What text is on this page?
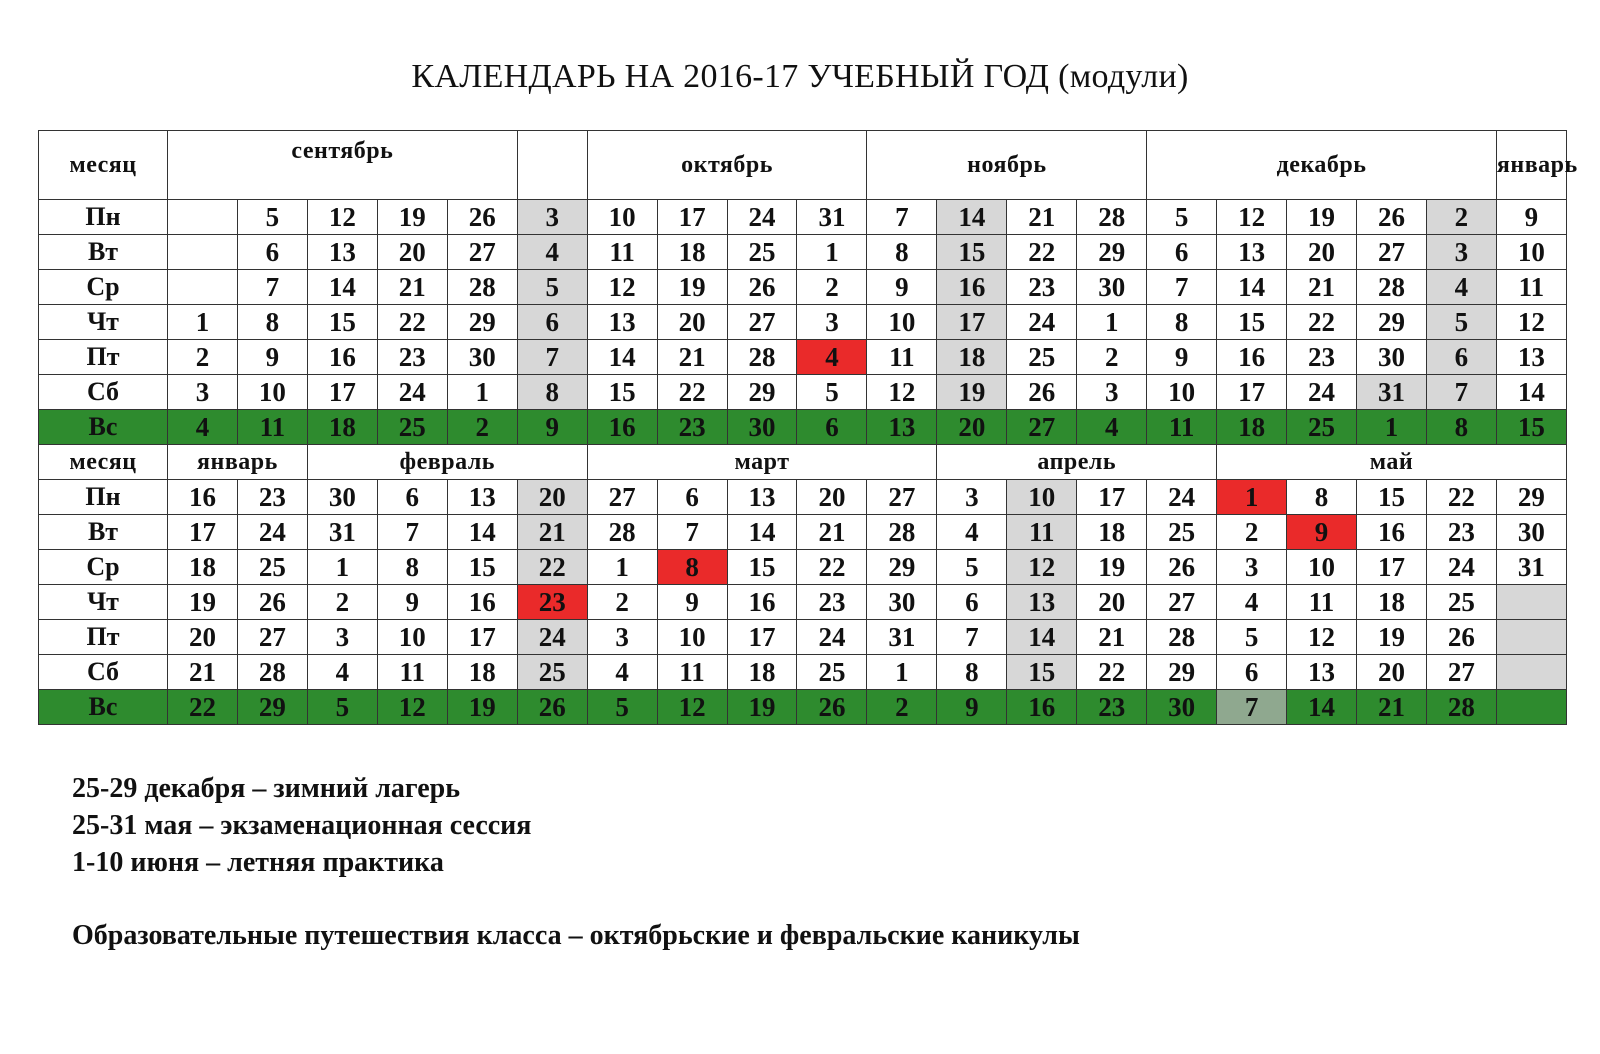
КАЛЕНДАРЬ НА 2016-17 УЧЕБНЫЙ ГОД (модули)
месяц	сентябрь						октябрь				ноябрь				декабрь					январь
Пн		5	12	19	26	3	10	17	24	31	7	14	21	28	5	12	19	26	2	9
Вт		6	13	20	27	4	11	18	25	1	8	15	22	29	6	13	20	27	3	10
Ср		7	14	21	28	5	12	19	26	2	9	16	23	30	7	14	21	28	4	11
Чт	1	8	15	22	29	6	13	20	27	3	10	17	24	1	8	15	22	29	5	12
Пт	2	9	16	23	30	7	14	21	28	4	11	18	25	2	9	16	23	30	6	13
Сб	3	10	17	24	1	8	15	22	29	5	12	19	26	3	10	17	24	31	7	14
Вс	4	11	18	25	2	9	16	23	30	6	13	20	27	4	11	18	25	1	8	15
месяц	январь		февраль				март					апрель				май				
Пн	16	23	30	6	13	20	27	6	13	20	27	3	10	17	24	1	8	15	22	29
Вт	17	24	31	7	14	21	28	7	14	21	28	4	11	18	25	2	9	16	23	30
Ср	18	25	1	8	15	22	1	8	15	22	29	5	12	19	26	3	10	17	24	31
Чт	19	26	2	9	16	23	2	9	16	23	30	6	13	20	27	4	11	18	25	
Пт	20	27	3	10	17	24	3	10	17	24	31	7	14	21	28	5	12	19	26	
Сб	21	28	4	11	18	25	4	11	18	25	1	8	15	22	29	6	13	20	27	
Вс	22	29	5	12	19	26	5	12	19	26	2	9	16	23	30	7	14	21	28	
25-29 декабря – зимний лагерь
25-31 мая – экзаменационная сессия
1-10 июня – летняя практика
Образовательные путешествия класса – октябрьские и февральские каникулы
